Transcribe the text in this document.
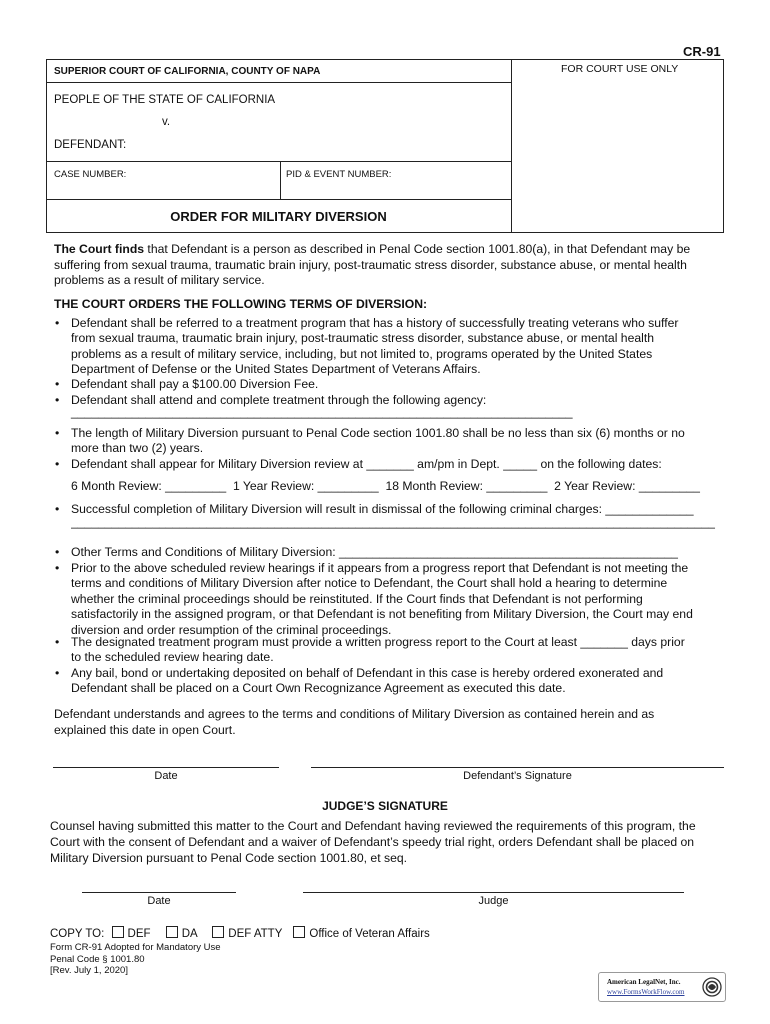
CR-91
SUPERIOR COURT OF CALIFORNIA, COUNTY OF NAPA	FOR COURT USE ONLY
PEOPLE OF THE STATE OF CALIFORNIA
v.
DEFENDANT:
CASE NUMBER:	PID & EVENT NUMBER:
ORDER FOR MILITARY DIVERSION
The Court finds that Defendant is a person as described in Penal Code section 1001.80(a), in that Defendant may be
suffering from sexual trauma, traumatic brain injury, post-traumatic stress disorder, substance abuse, or mental health
problems as a result of military service.
THE COURT ORDERS THE FOLLOWING TERMS OF DIVERSION:
• Defendant shall be referred to a treatment program that has a history of successfully treating veterans who suffer
from sexual trauma, traumatic brain injury, post-traumatic stress disorder, substance abuse, or mental health
problems as a result of military service, including, but not limited to, programs operated by the United States
Department of Defense or the United States Department of Veterans Affairs.
• Defendant shall pay a $100.00 Diversion Fee.
• Defendant shall attend and complete treatment through the following agency:
__________________________________________________________________________
• The length of Military Diversion pursuant to Penal Code section 1001.80 shall be no less than six (6) months or no
more than two (2) years.
• Defendant shall appear for Military Diversion review at _______ am/pm in Dept. _____ on the following dates:
6 Month Review: _________ 1 Year Review: _________ 18 Month Review: _________ 2 Year Review: _________
• Successful completion of Military Diversion will result in dismissal of the following criminal charges: _____________
_______________________________________________________________________________________________
• Other Terms and Conditions of Military Diversion: __________________________________________________
• Prior to the above scheduled review hearings if it appears from a progress report that Defendant is not meeting the
terms and conditions of Military Diversion after notice to Defendant, the Court shall hold a hearing to determine
whether the criminal proceedings should be reinstituted. If the Court finds that Defendant is not performing
satisfactorily in the assigned program, or that Defendant is not benefiting from Military Diversion, the Court may end
diversion and order resumption of the criminal proceedings.
• The designated treatment program must provide a written progress report to the Court at least _______ days prior
to the scheduled review hearing date.
• Any bail, bond or undertaking deposited on behalf of Defendant in this case is hereby ordered exonerated and
Defendant shall be placed on a Court Own Recognizance Agreement as executed this date.
Defendant understands and agrees to the terms and conditions of Military Diversion as contained herein and as
explained this date in open Court.
Date	Defendant’s Signature
JUDGE’S SIGNATURE
Counsel having submitted this matter to the Court and Defendant having reviewed the requirements of this program, the
Court with the consent of Defendant and a waiver of Defendant’s speedy trial right, orders Defendant shall be placed on
Military Diversion pursuant to Penal Code section 1001.80, et seq.
Date	Judge
COPY TO: DEF	DA	DEF ATTY Office of Veteran Affairs
Form CR-91 Adopted for Mandatory Use
Penal Code § 1001.80
[Rev. July 1, 2020]
American LegalNet, Inc.
www.FormsWorkFlow.com
